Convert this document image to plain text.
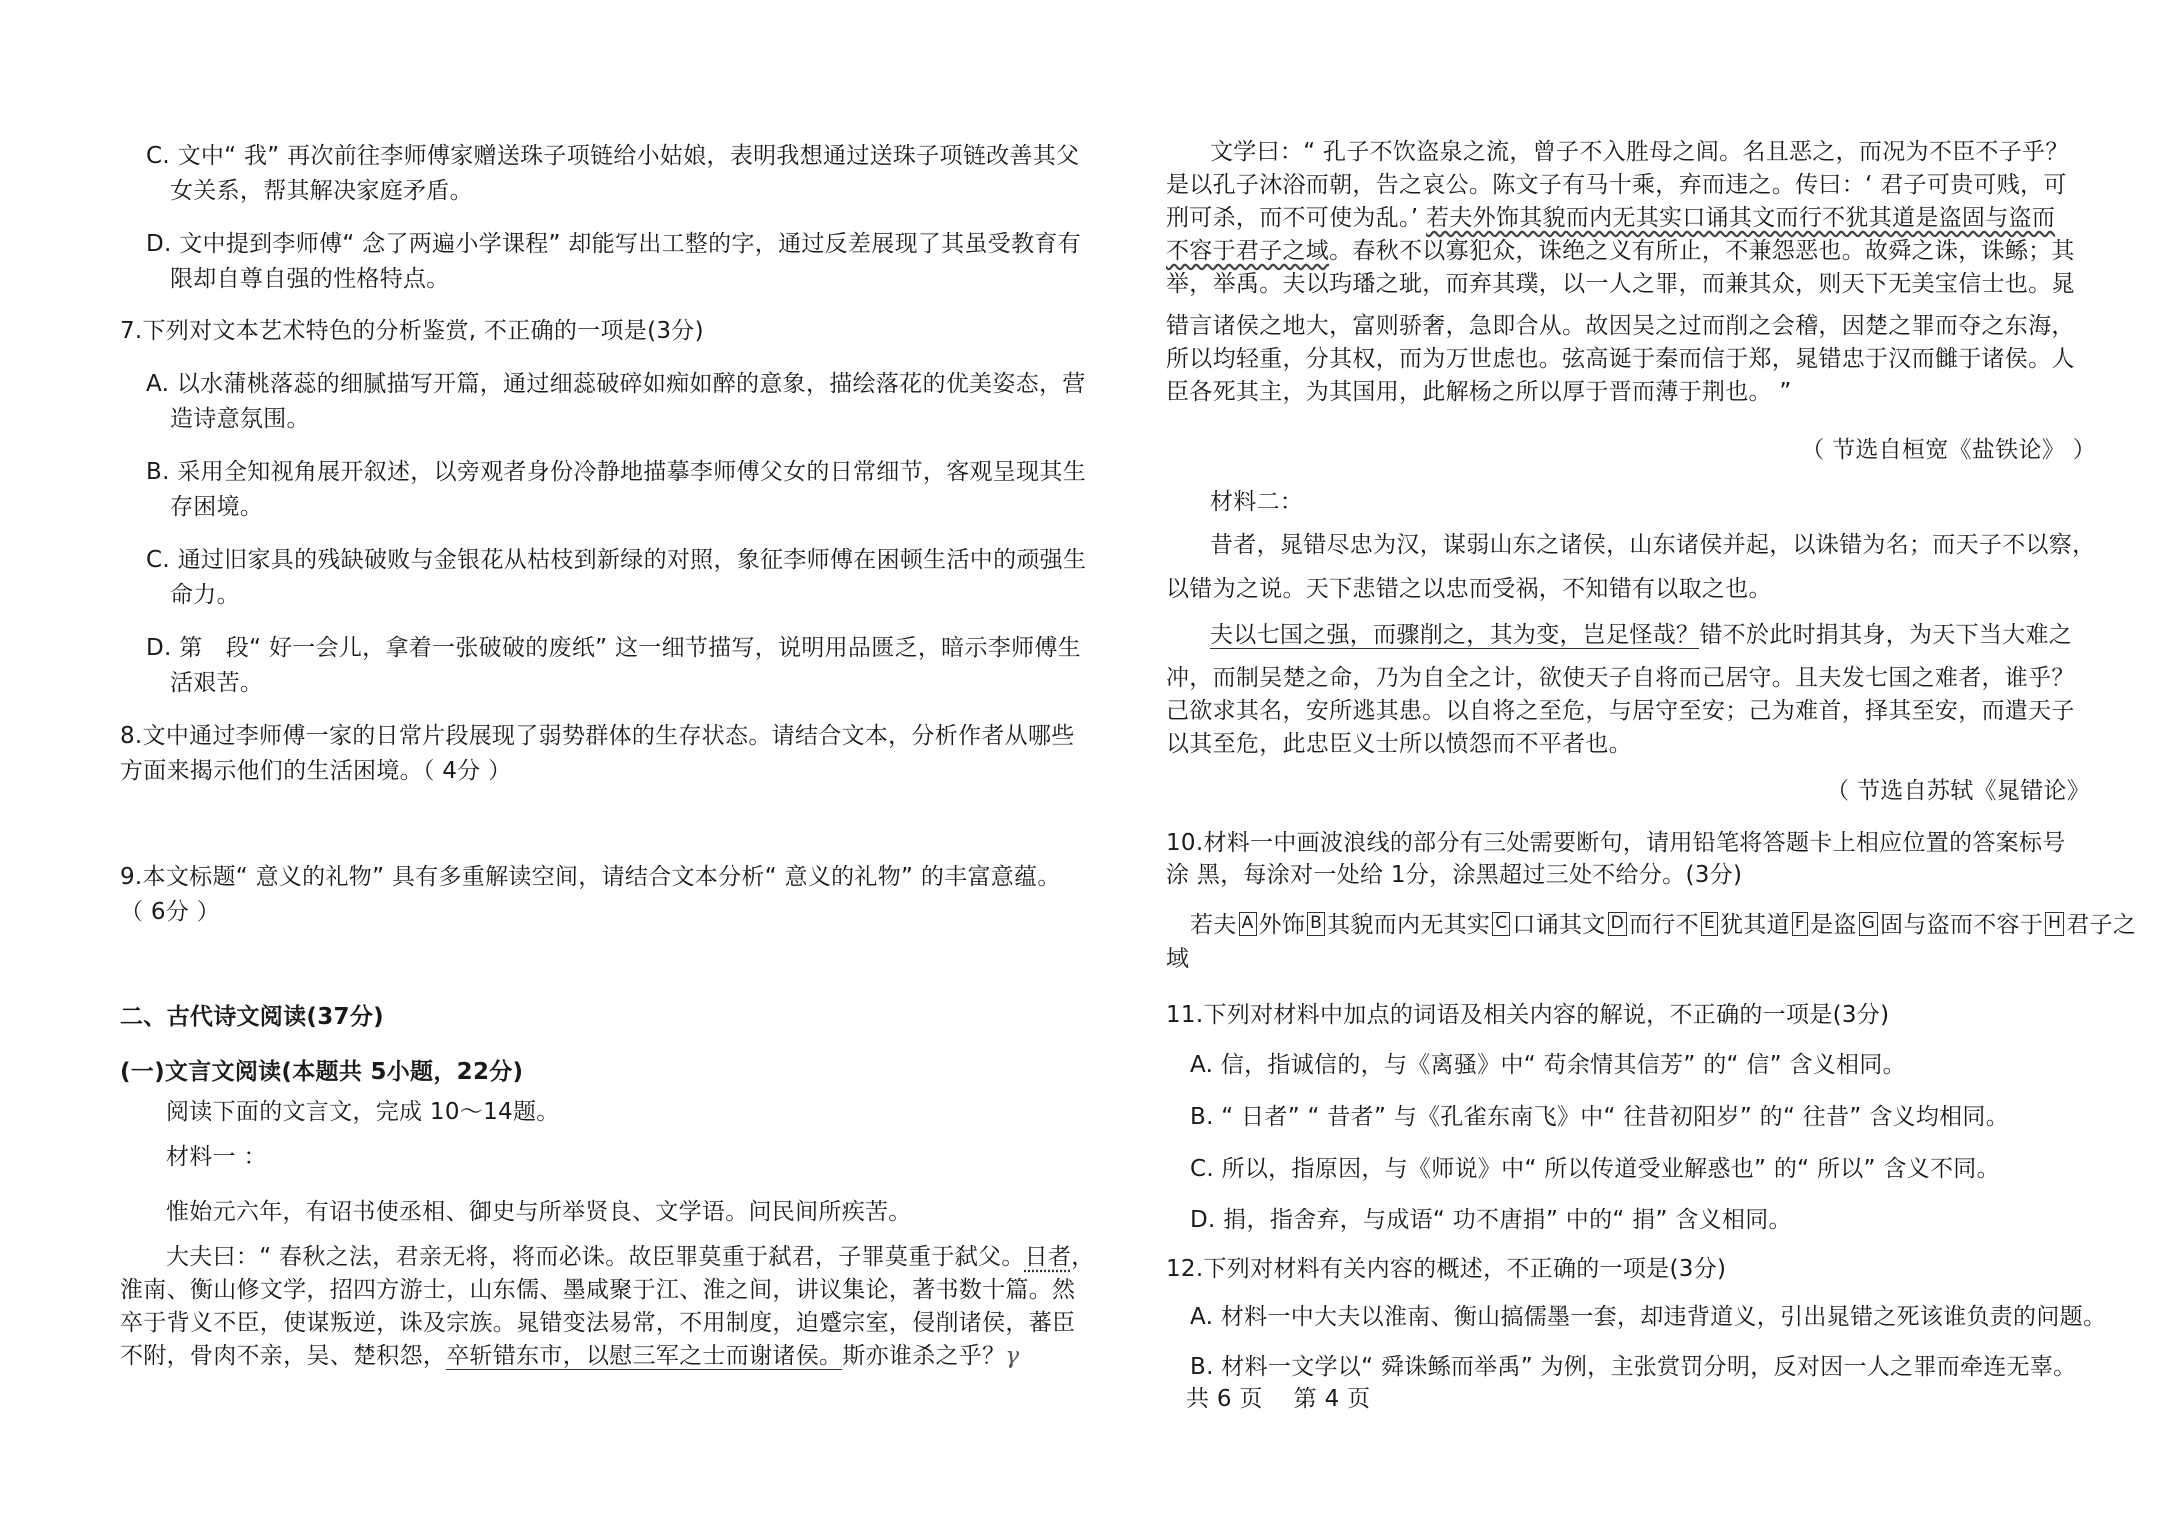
C. 文中“ 我” 再次前往李师傅家赠送珠子项链给小姑娘，表明我想通过送珠子项链改善其父
女关系，帮其解决家庭矛盾。
D. 文中提到李师傅“ 念了两遍小学课程” 却能写出工整的字，通过反差展现了其虽受教育有
限却自尊自强的性格特点。
7.下列对文本艺术特色的分析鉴赏, 不正确的一项是(3分)
A. 以水蒲桃落蕊的细腻描写开篇，通过细蕊破碎如痴如醉的意象，描绘落花的优美姿态，营
造诗意氛围。
B. 采用全知视角展开叙述，以旁观者身份冷静地描摹李师傅父女的日常细节，客观呈现其生
存困境。
C. 通过旧家具的残缺破败与金银花从枯枝到新绿的对照，象征李师傅在困顿生活中的顽强生
命力。
D. 第　段“ 好一会儿，拿着一张破破的废纸” 这一细节描写，说明用品匮乏，暗示李师傅生
活艰苦。
8.文中通过李师傅一家的日常片段展现了弱势群体的生存状态。请结合文本，分析作者从哪些
方面来揭示他们的生活困境。（ 4分 ）
9.本文标题“ 意义的礼物” 具有多重解读空间，请结合文本分析“ 意义的礼物” 的丰富意蕴。
（ 6分 ）
二、古代诗文阅读(37分)
(一)文言文阅读(本题共 5小题，22分)
阅读下面的文言文，完成 10～14题。
材料一 ：
惟始元六年，有诏书使丞相、御史与所举贤良、文学语。问民间所疾苦。
大夫曰：“ 春秋之法，君亲无将，将而必诛。故臣罪莫重于弑君，子罪莫重于弑父。日者，
淮南、衡山修文学，招四方游士，山东儒、墨咸聚于江、淮之间，讲议集论，著书数十篇。然
卒于背义不臣，使谋叛逆，诛及宗族。晁错变法易常，不用制度，迫蹙宗室，侵削诸侯，蕃臣
不附，骨肉不亲，吴、楚积怨，卒斩错东市，以慰三军之士而谢诸侯。斯亦谁杀之乎？γ
文学曰：“ 孔子不饮盗泉之流，曾子不入胜母之闾。名且恶之，而况为不臣不子乎？
是以孔子沐浴而朝，告之哀公。陈文子有马十乘，弃而违之。传曰：‘ 君子可贵可贱，可
刑可杀，而不可使为乱。’ 若夫外饰其貌而内无其实口诵其文而行不犹其道是盗固与盗而
不容于君子之域。春秋不以寡犯众，诛绝之义有所止，不兼怨恶也。故舜之诛，诛鲧；其
举，举禹。夫以玙璠之玼，而弃其璞，以一人之罪，而兼其众，则天下无美宝信士也。晁
错言诸侯之地大，富则骄奢，急即合从。故因吴之过而削之会稽，因楚之罪而夺之东海，
所以均轻重，分其权，而为万世虑也。弦高诞于秦而信于郑，晁错忠于汉而雠于诸侯。人
臣各死其主，为其国用，此解杨之所以厚于晋而薄于荆也。 ”
（ 节选自桓宽《盐铁论》 ）
材料二：
昔者，晁错尽忠为汉，谋弱山东之诸侯，山东诸侯并起，以诛错为名；而天子不以察，
以错为之说。天下悲错之以忠而受祸，不知错有以取之也。
夫以七国之强，而骤削之，其为变，岂足怪哉？错不於此时捐其身，为天下当大难之
冲，而制吴楚之命，乃为自全之计，欲使天子自将而己居守。且夫发七国之难者，谁乎？
己欲求其名，安所逃其患。以自将之至危，与居守至安；己为难首，择其至安，而遣天子
以其至危，此忠臣义士所以愤怨而不平者也。
（ 节选自苏轼《晁错论》
10.材料一中画波浪线的部分有三处需要断句，请用铅笔将答题卡上相应位置的答案标号
涂 黑，每涂对一处给 1分，涂黑超过三处不给分。(3分)
若夫 A 外饰 B 其貌而内无其实 C 口诵其文 D 而行不 E 犹其道 F 是盗 G 固与盗而不容于 H 君子之
域
11.下列对材料中加点的词语及相关内容的解说，不正确的一项是(3分)
A. 信，指诚信的，与《离骚》中“ 苟余情其信芳” 的“ 信” 含义相同。
B. “ 日者” “ 昔者” 与《孔雀东南飞》中“ 往昔初阳岁” 的“ 往昔” 含义均相同。
C. 所以，指原因，与《师说》中“ 所以传道受业解惑也” 的“ 所以” 含义不同。
D. 捐，指舍弃，与成语“ 功不唐捐” 中的“ 捐” 含义相同。
12.下列对材料有关内容的概述，不正确的一项是(3分)
A. 材料一中大夫以淮南、衡山搞儒墨一套，却违背道义，引出晁错之死该谁负责的问题。
B. 材料一文学以“ 舜诛鲧而举禹” 为例，主张赏罚分明，反对因一人之罪而牵连无辜。
共 6 页　 第 4 页
